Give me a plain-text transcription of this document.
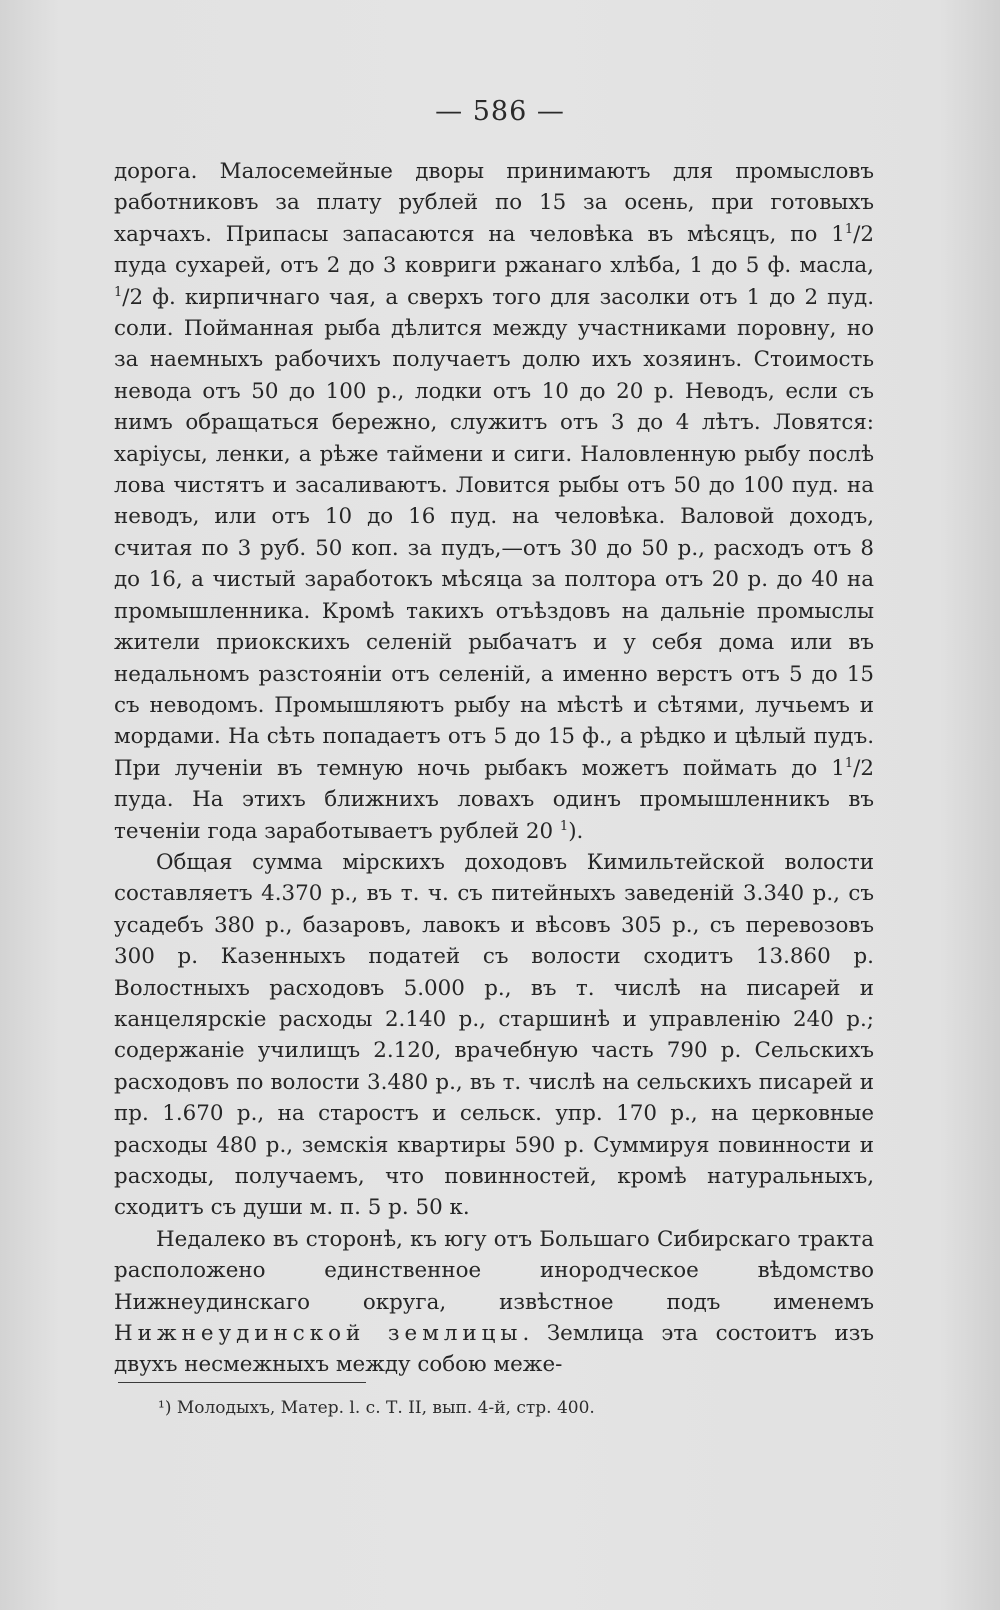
— 586 —

дорога. Малосемейные дворы принимаютъ для промысловъ работниковъ за плату рублей по 15 за осень, при готовыхъ харчахъ. Припасы запасаются на человѣка въ мѣсяцъ, по $1^1/2$ пуда сухарей, отъ 2 до 3 ковриги ржанаго хлѣба, 1 до 5 ф. масла, $^1$/2 ф. кирпичнаго чая, а сверхъ того для засолки отъ 1 до 2 пуд. соли. Пойманная рыба дѣлится между участниками поровну, но за наемныхъ рабочихъ получаетъ долю ихъ хозяинъ. Стоимость невода отъ 50 до 100 р., лодки отъ 10 до 20 р. Неводъ, если съ нимъ обращаться бережно, служитъ отъ 3 до 4 лѣтъ. Ловятся: харіусы, ленки, а рѣже таймени и сиги. Наловленную рыбу послѣ лова чистятъ и засаливаютъ. Ловится рыбы отъ 50 до 100 пуд. на неводъ, или отъ 10 до 16 пуд. на человѣка. Валовой доходъ, считая по 3 руб. 50 коп. за пудъ,—отъ 30 до 50 р., расходъ отъ 8 до 16, а чистый заработокъ мѣсяца за полтора отъ 20 р. до 40 на промышленника. Кромѣ такихъ отъѣздовъ на дальніе промыслы жители приокскихъ селеній рыбачатъ и у себя дома или въ недальномъ разстояніи отъ селеній, а именно верстъ отъ 5 до 15 съ неводомъ. Промышляютъ рыбу на мѣстѣ и сѣтями, лучьемъ и мордами. На сѣть попадаетъ отъ 5 до 15 ф., а рѣдко и цѣлый пудъ. При лученіи въ темную ночь рыбакъ можетъ поймать до $1^1/2$ пуда. На этихъ ближнихъ ловахъ одинъ промышленникъ въ теченіи года заработываетъ рублей 20 $^1$).

Общая сумма мірскихъ доходовъ Кимильтейской волости составляетъ 4.370 р., въ т. ч. съ питейныхъ заведеній 3.340 р., съ усадебъ 380 р., базаровъ, лавокъ и вѣсовъ 305 р., съ перевозовъ 300 р. Казенныхъ податей съ волости сходитъ 13.860 р. Волостныхъ расходовъ 5.000 р., въ т. числѣ на писарей и канцелярскіе расходы 2.140 р., старшинѣ и управленію 240 р.; содержаніе училищъ 2.120, врачебную часть 790 р. Сельскихъ расходовъ по волости 3.480 р., въ т. числѣ на сельскихъ писарей и пр. 1.670 р., на старостъ и сельск. упр. 170 р., на церковные расходы 480 р., земскія квартиры 590 р. Суммируя повинности и расходы, получаемъ, что повинностей, кромѣ натуральныхъ, сходитъ съ души м. п. 5 р. 50 к.

Недалеко въ сторонѣ, къ югу отъ Большаго Сибирскаго тракта расположено единственное инородческое вѣдомство Нижнеудинскаго округа, извѣстное подъ именемъ Нижнеудинской землицы. Землица эта состоитъ изъ двухъ несмежныхъ между собою меже-

¹) Молодыхъ, Матер. l. с. Т. II, вып. 4-й, стр. 400.
